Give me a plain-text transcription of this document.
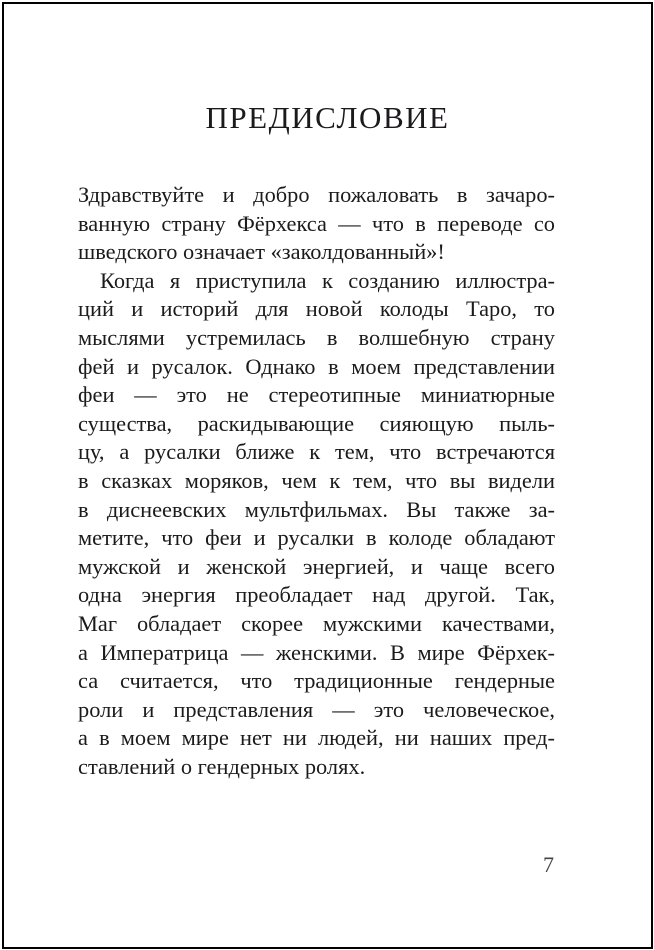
ПРЕДИСЛОВИЕ
Здравствуйте и добро пожаловать в зачаро-
ванную страну Фёрхекса — что в переводе со
шведского означает «заколдованный»!
Когда я приступила к созданию иллюстра-
ций и историй для новой колоды Таро, то
мыслями устремилась в волшебную страну
фей и русалок. Однако в моем представлении
феи — это не стереотипные миниатюрные
существа, раскидывающие сияющую пыль-
цу, а русалки ближе к тем, что встречаются
в сказках моряков, чем к тем, что вы видели
в диснеевских мультфильмах. Вы также за-
метите, что феи и русалки в колоде обладают
мужской и женской энергией, и чаще всего
одна энергия преобладает над другой. Так,
Маг обладает скорее мужскими качествами,
а Императрица — женскими. В мире Фёрхек-
са считается, что традиционные гендерные
роли и представления — это человеческое,
а в моем мире нет ни людей, ни наших пред-
ставлений о гендерных ролях.
7
